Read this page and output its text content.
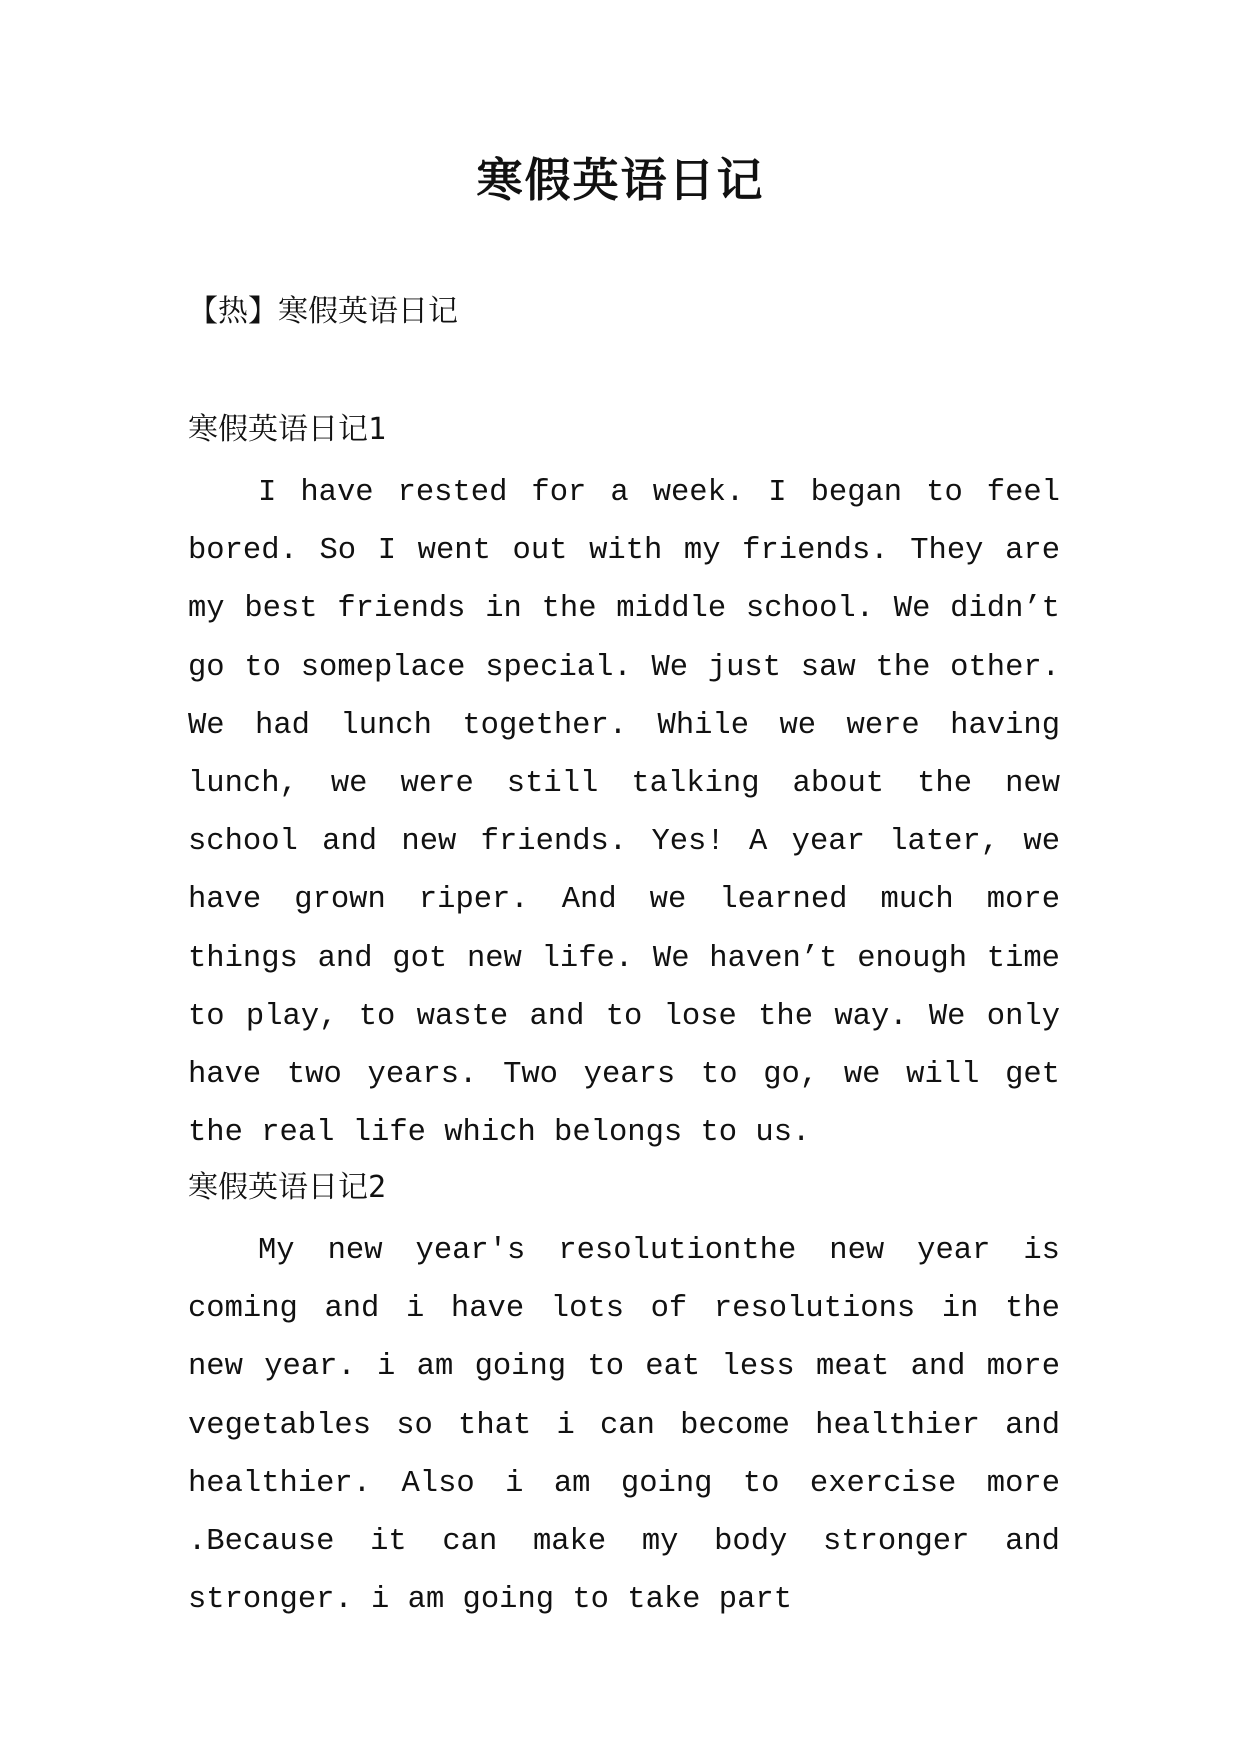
寒假英语日记
【热】寒假英语日记
寒假英语日记1
I have rested for a week. I began to feel bored. So I went out with my friends. They are my best friends in the middle school. We didn’t go to someplace special. We just saw the other. We had lunch together. While we were having lunch, we were still talking about the new school and new friends. Yes! A year later, we have grown riper. And we learned much more things and got new life. We haven’t enough time to play, to waste and to lose the way. We only have two years. Two years to go, we will get the real life which belongs to us.
寒假英语日记2
My new year's resolutionthe new year is coming and i have lots of resolutions in the new year. i am going to eat less meat and more vegetables so that i can become healthier and healthier. Also i am going to exercise more .Because it can make my body stronger and stronger. i am going to take part
